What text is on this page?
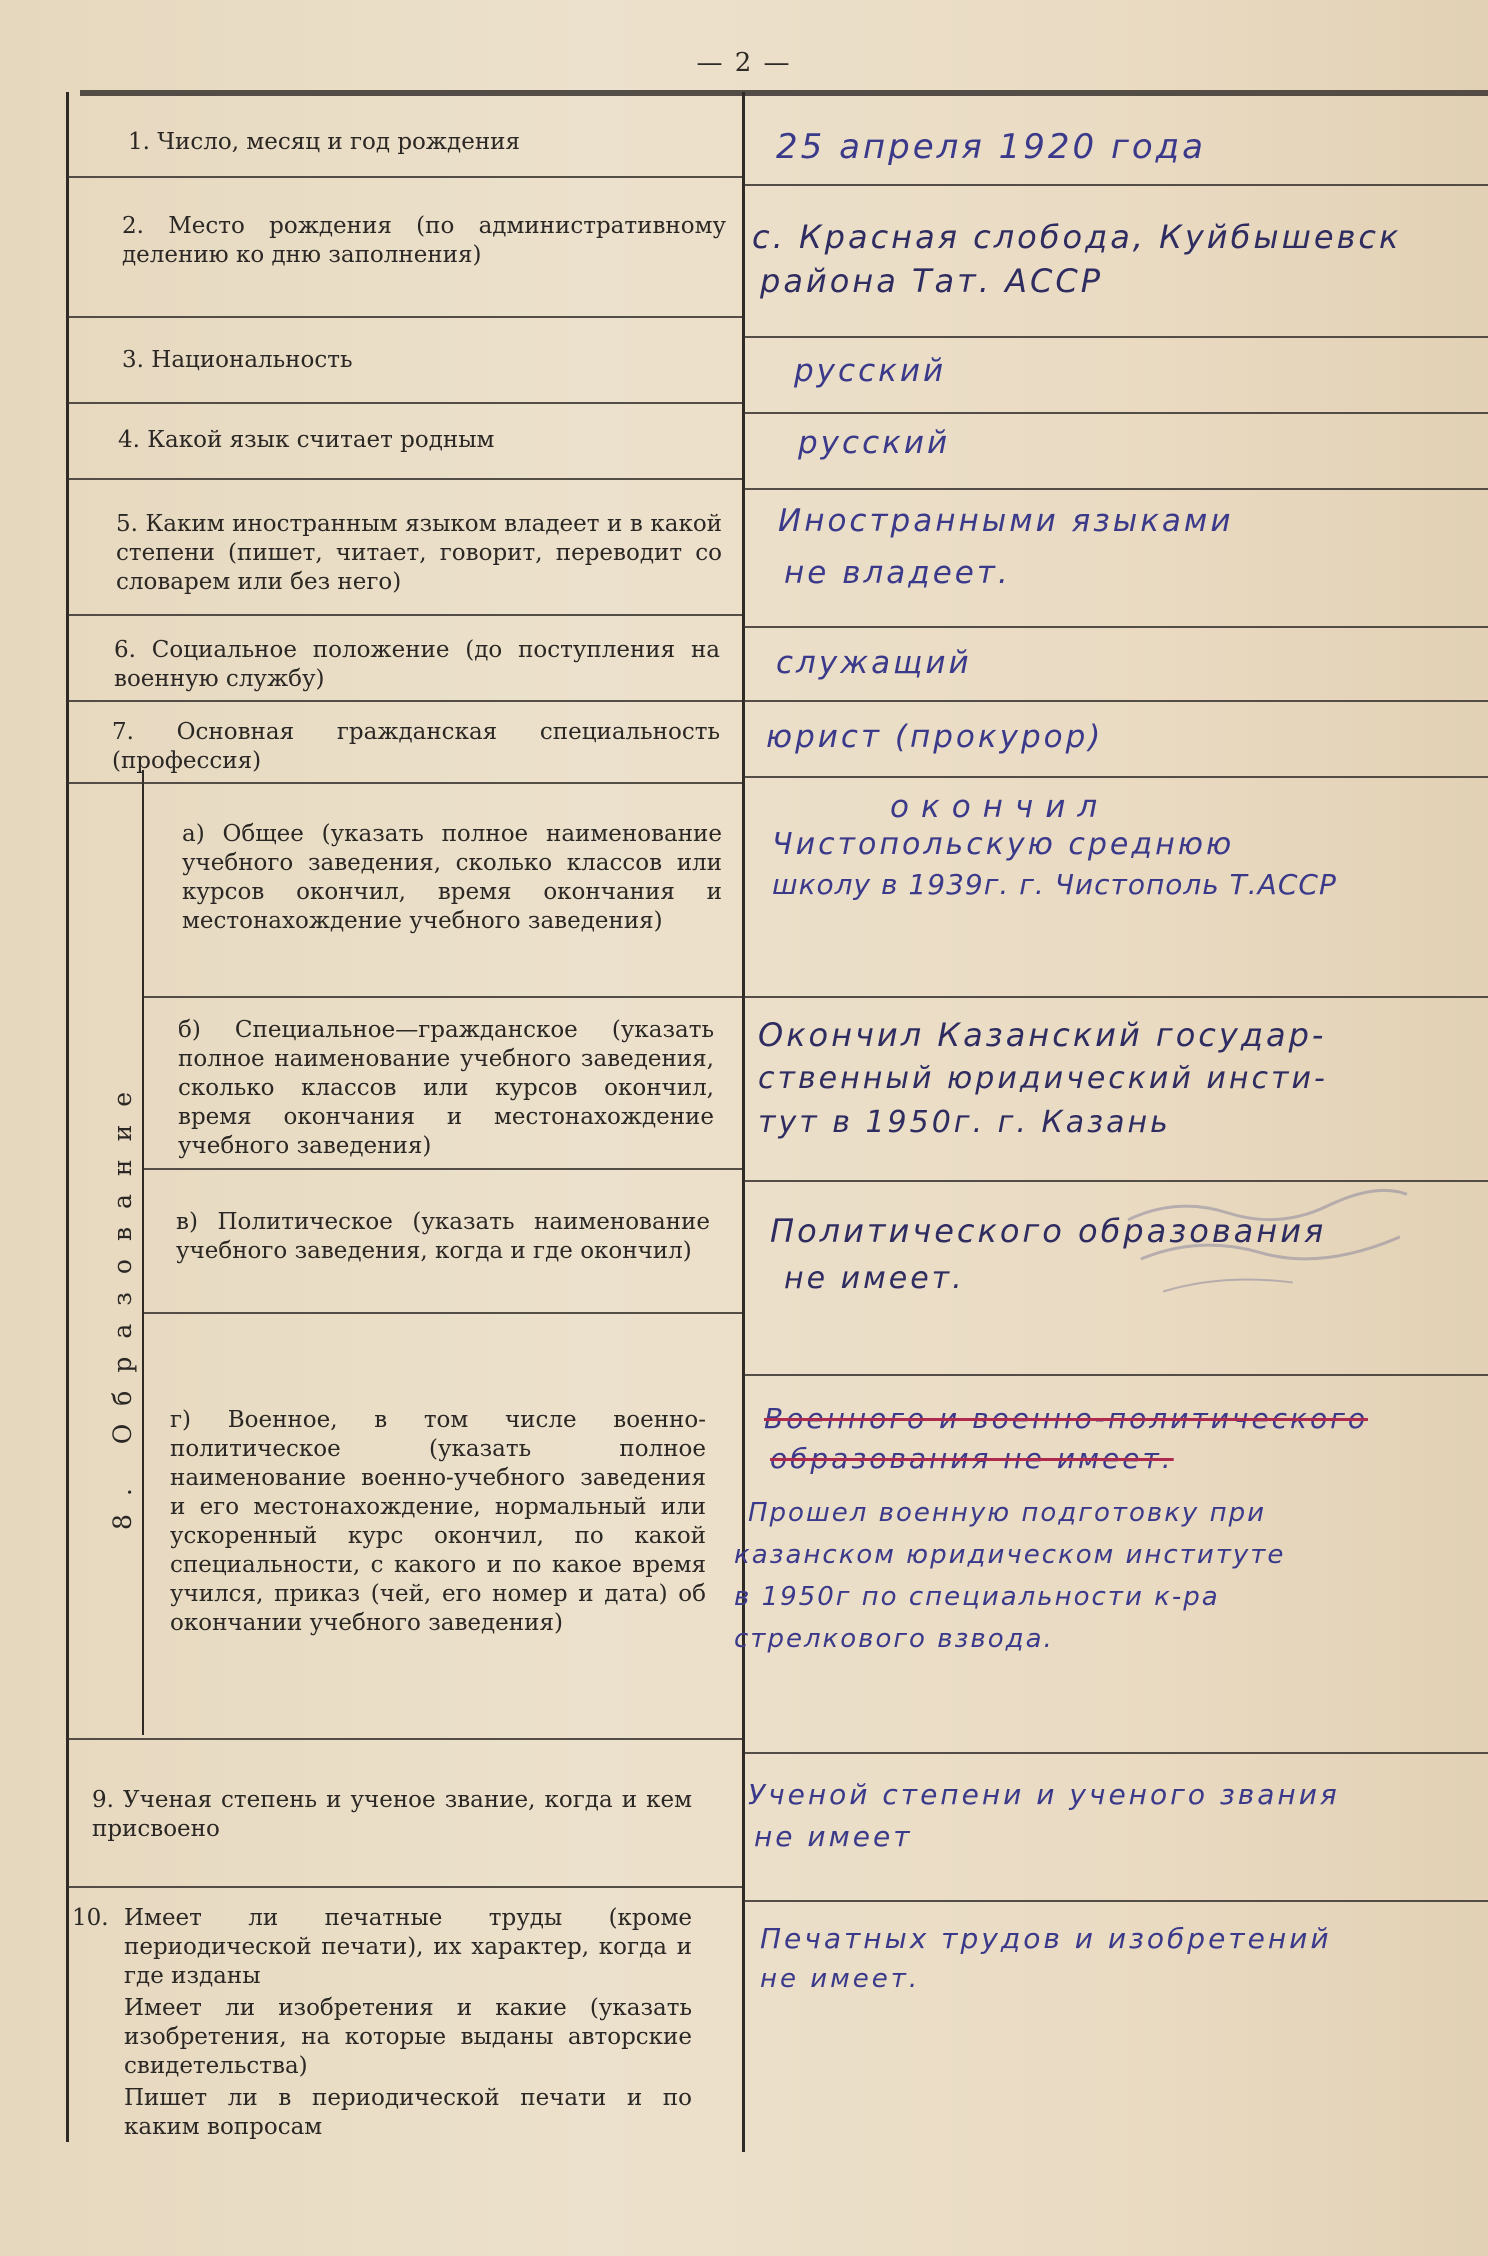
— 2 —
1. Число, месяц и год рождения
2. Место рождения (по административному делению ко дню заполнения)
3. Национальность
4. Какой язык считает родным
5. Каким иностранным языком владеет и в какой степени (пишет, читает, говорит, переводит со словарем или без него)
6. Социальное положение (до поступления на военную службу)
7. Основная гражданская специальность (профессия)
8. Образование
а) Общее (указать полное наименование учебного заведения, сколько классов или курсов окончил, время окончания и местонахождение учебного заведения)
б) Специальное—гражданское (указать полное наименование учебного заведения, сколько классов или курсов окончил, время окончания и местонахождение учебного заведения)
в) Политическое (указать наименование учебного заведения, когда и где окончил)
г) Военное, в том числе военно-политическое (указать полное наименование военно-учебного заведения и его местонахождение, нормальный или ускоренный курс окончил, по какой специальности, с какого и по какое время учился, приказ (чей, его номер и дата) об окончании учебного заведения)
9. Ученая степень и ученое звание, когда и кем присвоено
10. Имеет ли печатные труды (кроме периодической печати), их характер, когда и где изданы
Имеет ли изобретения и какие (указать изобретения, на которые выданы авторские свидетельства)
Пишет ли в периодической печати и по каким вопросам
25 апреля 1920 года
с. Красная слобода, Куйбышевск
района Тат. АССР
русский
русский
Иностранными языками
не владеет.
служащий
юрист (прокурор)
окончил
Чистопольскую среднюю
школу в 1939г. г. Чистополь Т.АССР
Окончил Казанский государ-
ственный юридический инсти-
тут в 1950г. г. Казань
Политического образования
не имеет.
Военного и военно-политического
образования не имеет.
Прошел военную подготовку при
казанском юридическом институте
в 1950г по специальности к-ра
стрелкового взвода.
Ученой степени и ученого звания
не имеет
Печатных трудов и изобретений
не имеет.
